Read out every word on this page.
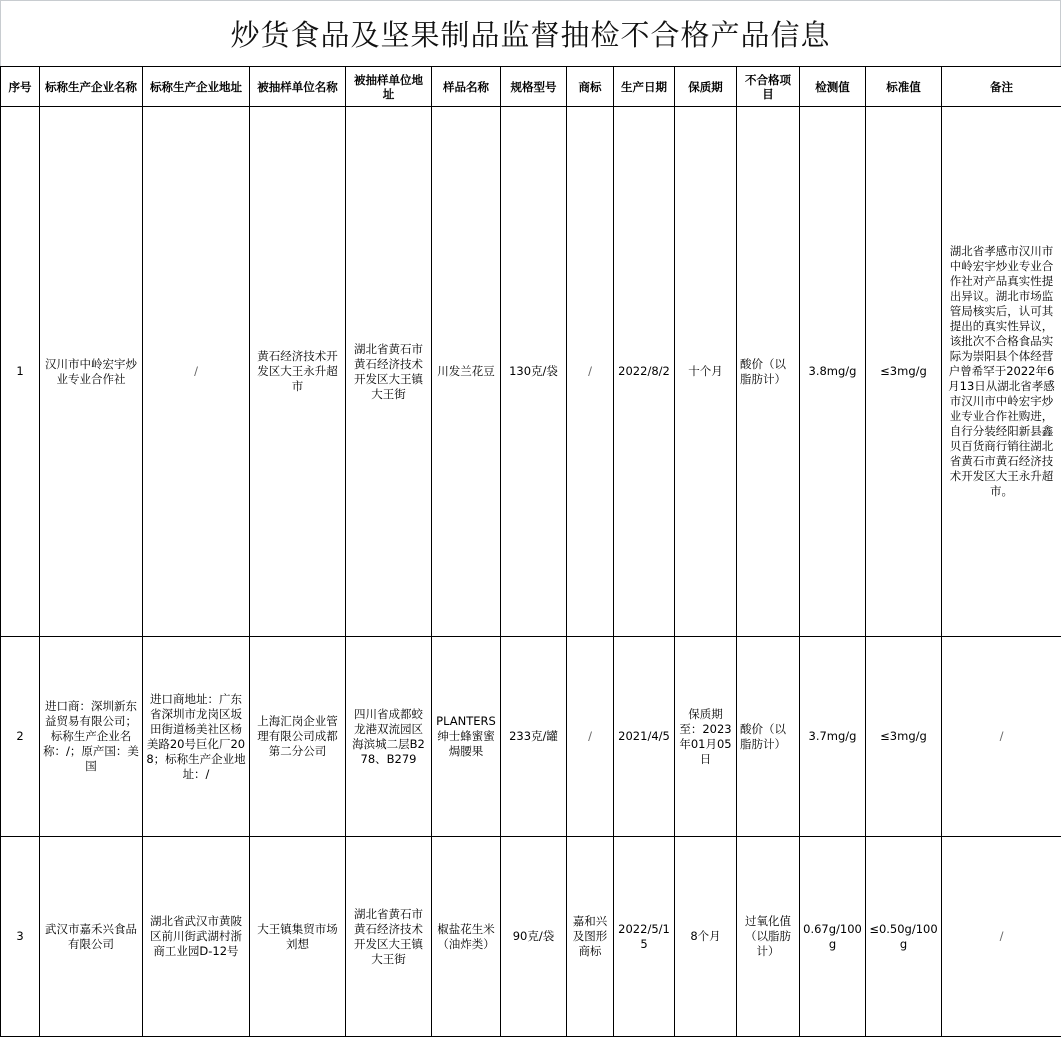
炒货食品及坚果制品监督抽检不合格产品信息
序号	标称生产企业名称	标称生产企业地址	被抽样单位名称	被抽样单位地址	样品名称	规格型号	商标	生产日期	保质期	不合格项目	检测值	标准值	备注
1	汉川市中岭宏宇炒业专业合作社	/	黄石经济技术开发区大王永升超市	湖北省黄石市黄石经济技术开发区大王镇大王街	川发兰花豆	130克/袋	/	2022/8/2	十个月	酸价（以脂肪计）	3.8mg/g	≤3mg/g	湖北省孝感市汉川市中岭宏宇炒业专业合作社对产品真实性提出异议。湖北市场监管局核实后，认可其提出的真实性异议，该批次不合格食品实际为崇阳县个体经营户曾希罕于2022年6月13日从湖北省孝感市汉川市中岭宏宇炒业专业合作社购进，自行分装经阳新县鑫贝百货商行销往湖北省黄石市黄石经济技术开发区大王永升超市。
2	进口商：深圳新东益贸易有限公司；标称生产企业名称：/；原产国：美国	进口商地址：广东省深圳市龙岗区坂田街道杨美社区杨美路20号巨化厂208；标称生产企业地址：/	上海汇岗企业管理有限公司成都第二分公司	四川省成都蛟龙港双流园区海滨城二层B278、B279	PLANTERS绅士蜂蜜蜜焗腰果	233克/罐	/	2021/4/5	保质期至：2023年01月05日	酸价（以脂肪计）	3.7mg/g	≤3mg/g	/
3	武汉市嘉禾兴食品有限公司	湖北省武汉市黄陂区前川街武湖村浙商工业园D-12号	大王镇集贸市场刘想	湖北省黄石市黄石经济技术开发区大王镇大王街	椒盐花生米（油炸类）	90克/袋	嘉和兴及图形商标	2022/5/15	8个月	过氧化值（以脂肪计）	0.67g/100g	≤0.50g/100g	/
